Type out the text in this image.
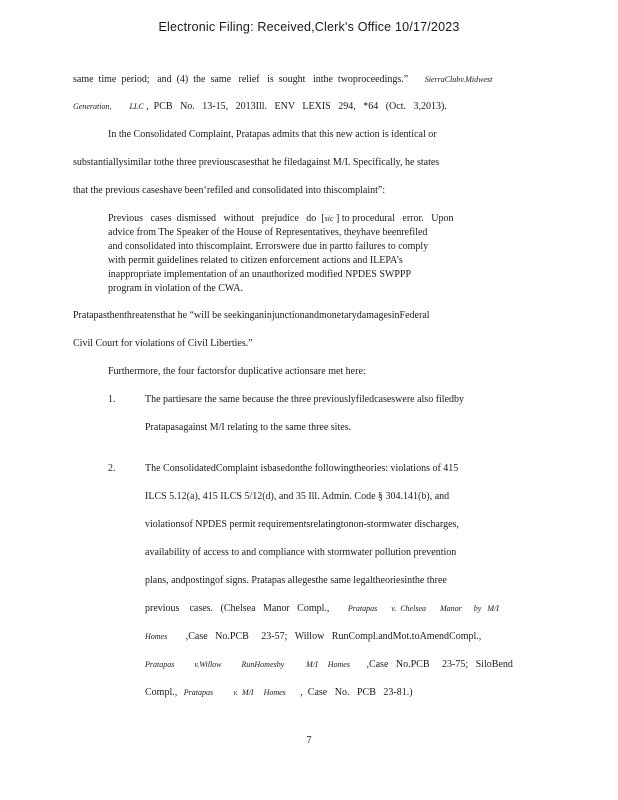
Electronic Filing: Received,Clerk's Office 10/17/2023
same  time  period;   and  (4)  the  same   relief   is  sought   inthe  twoproceedings.” SierraClubv.Midwest
Generation,         LLC ,  PCB   No.   13-15,   2013Ill.   ENV   LEXIS   294,   *64   (Oct.   3,2013).
In the Consolidated Complaint, Pratapas admits that this new action is identical or
substantiallysimilar tothe three previouscasesthat he filedagainst M/I. Specifically, he states
that the previous caseshave been‘refiled and consolidated into thiscomplaint”:
Previous   cases  dismissed   without   prejudice   do  [sic ] to procedural   error.   Upon
advice from The Speaker of the House of Representatives, theyhave beenrefiled
and consolidated into thiscomplaint. Errorswere due in partto failures to comply
with permit guidelines related to citizen enforcement actions and ILEPA’s
inappropriate implementation of an unauthorized modified NPDES SWPPP
program in violation of the CWA.
Pratapasthenthreatensthat he “will be seekinganinjunctionandmonetarydamagesinFederal
Civil Court for violations of Civil Liberties.”
Furthermore, the four factorsfor duplicative actionsare met here:
1.	The partiesare the same because the three previouslyfiledcaseswere also filedby
Pratapasagainst M/I relating to the same three sites.
2.	The ConsolidatedComplaint isbasedonthe followingtheories: violations of 415
ILCS 5.12(a), 415 ILCS 5/12(d), and 35 Ill. Admin. Code § 304.141(b), and
violationsof NPDES permit requirementsrelatingtonon-stormwater discharges,
availability of access to and compliance with stormwater pollution prevention
plans, andpostingof signs. Pratapas allegesthe same legaltheoriesinthe three
previous    cases.   (Chelsea   Manor   Compl., Pratapas       v.  Chelsea       Manor      by   M/I
Homes ,Case   No.PCB     23-57;   Willow   RunCompl.andMot.toAmendCompl.,
Pratapas          v.Willow          RunHomesby           M/I     Homes ,Case   No.PCB     23-75;   SiloBend
Compl., Pratapas          v.  M/I     Homes ,  Case   No.   PCB   23-81.)
7
